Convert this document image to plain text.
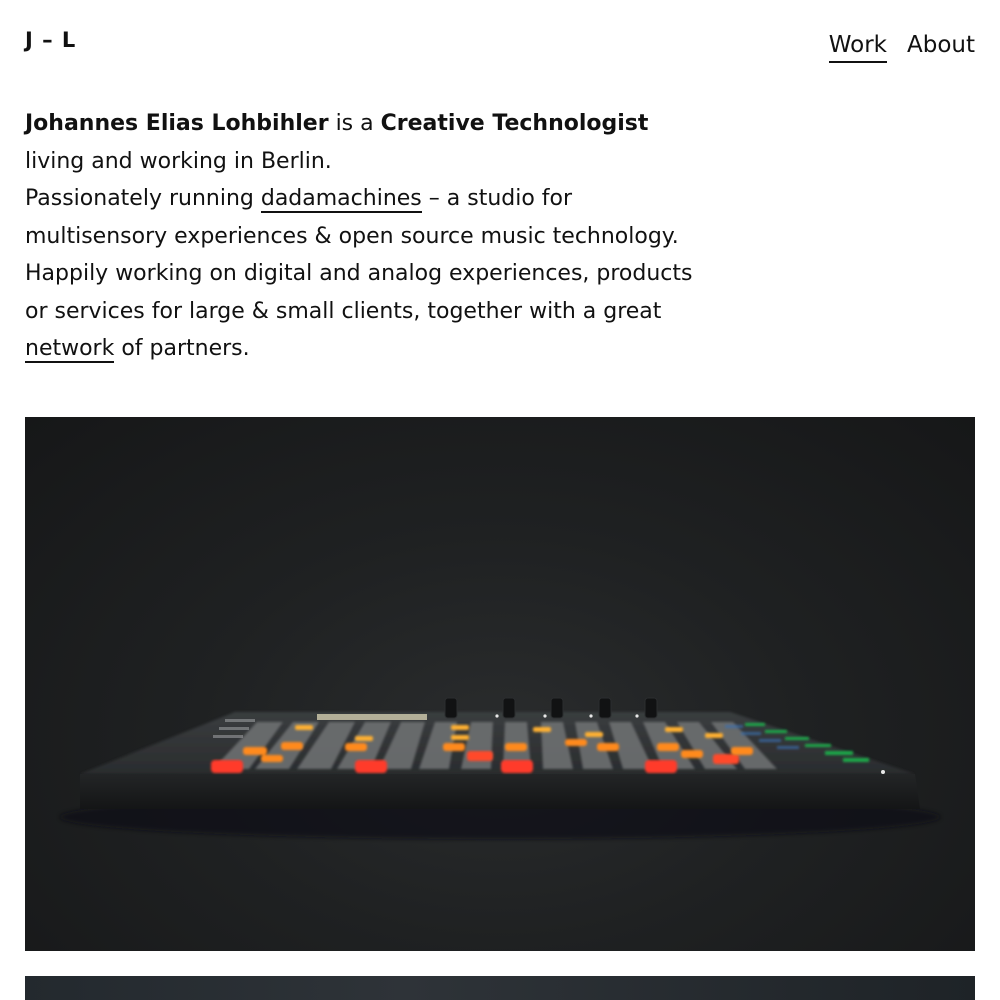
J – L	Work About
Johannes Elias Lohbihler is a Creative Technologist
living and working in Berlin.
Passionately running dadamachines – a studio for
multisensory experiences & open source music technology.
Happily working on digital and analog experiences, products
or services for large & small clients, together with a great
network of partners.
